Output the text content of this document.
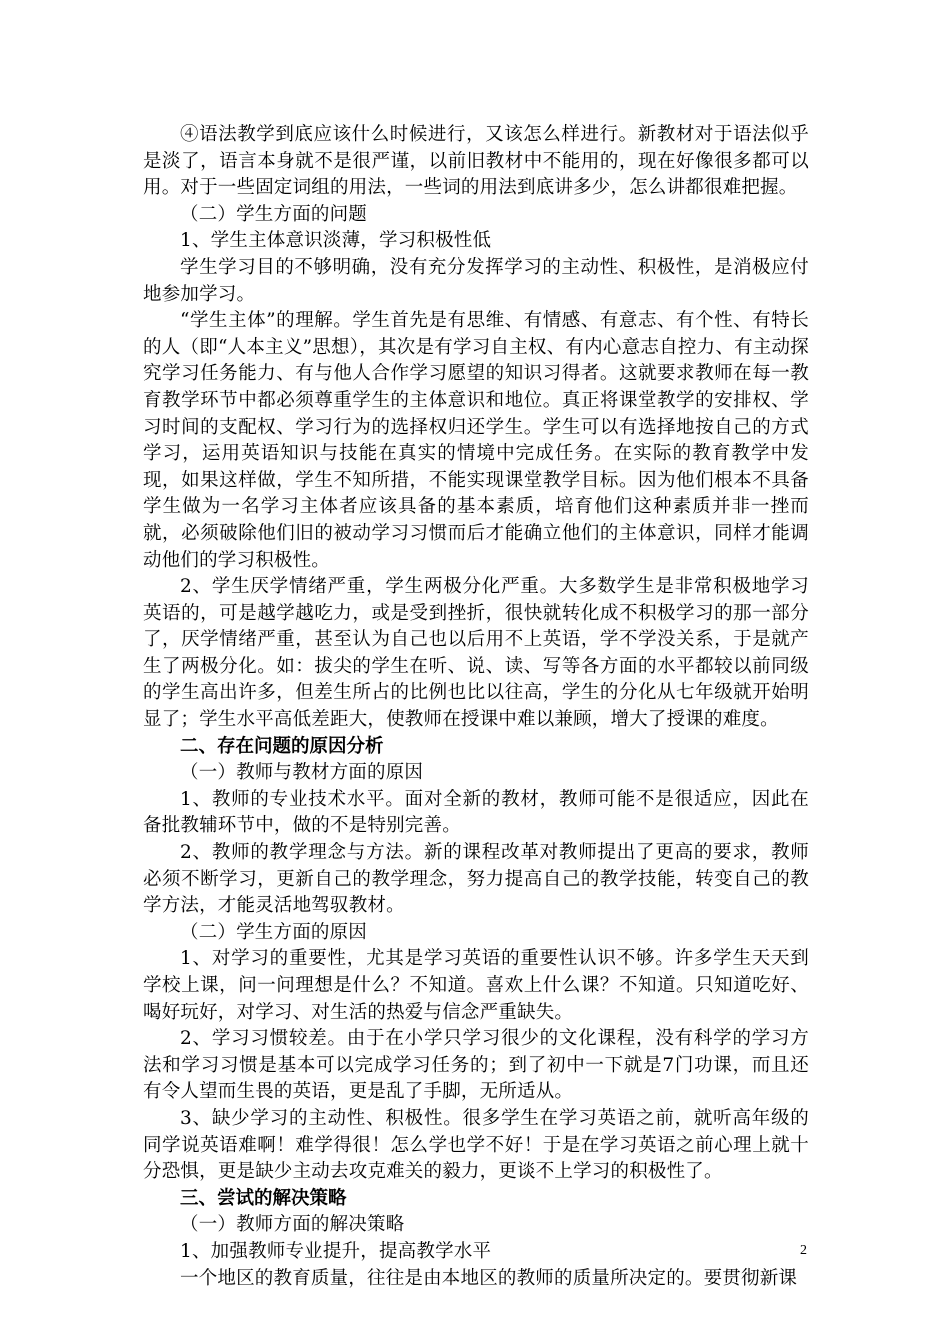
④语法教学到底应该什么时候进行，又该怎么样进行。新教材对于语法似乎是淡了，语言本身就不是很严谨，以前旧教材中不能用的，现在好像很多都可以用。对于一些固定词组的用法，一些词的用法到底讲多少，怎么讲都很难把握。

（二）学生方面的问题

1、学生主体意识淡薄，学习积极性低

学生学习目的不够明确，没有充分发挥学习的主动性、积极性，是消极应付地参加学习。

“学生主体”的理解。学生首先是有思维、有情感、有意志、有个性、有特长的人（即“人本主义”思想），其次是有学习自主权、有内心意志自控力、有主动探究学习任务能力、有与他人合作学习愿望的知识习得者。这就要求教师在每一教育教学环节中都必须尊重学生的主体意识和地位。真正将课堂教学的安排权、学习时间的支配权、学习行为的选择权归还学生。学生可以有选择地按自己的方式学习，运用英语知识与技能在真实的情境中完成任务。在实际的教育教学中发现，如果这样做，学生不知所措，不能实现课堂教学目标。因为他们根本不具备学生做为一名学习主体者应该具备的基本素质，培育他们这种素质并非一挫而就，必须破除他们旧的被动学习习惯而后才能确立他们的主体意识，同样才能调动他们的学习积极性。

2、学生厌学情绪严重，学生两极分化严重。大多数学生是非常积极地学习英语的，可是越学越吃力，或是受到挫折，很快就转化成不积极学习的那一部分了，厌学情绪严重，甚至认为自己也以后用不上英语，学不学没关系，于是就产生了两极分化。如：拔尖的学生在听、说、读、写等各方面的水平都较以前同级的学生高出许多，但差生所占的比例也比以往高，学生的分化从七年级就开始明显了；学生水平高低差距大，使教师在授课中难以兼顾，增大了授课的难度。

二、存在问题的原因分析

（一）教师与教材方面的原因

1、教师的专业技术水平。面对全新的教材，教师可能不是很适应，因此在备批教辅环节中，做的不是特别完善。

2、教师的教学理念与方法。新的课程改革对教师提出了更高的要求，教师必须不断学习，更新自己的教学理念，努力提高自己的教学技能，转变自己的教学方法，才能灵活地驾驭教材。

（二）学生方面的原因

1、对学习的重要性，尤其是学习英语的重要性认识不够。许多学生天天到学校上课，问一问理想是什么？不知道。喜欢上什么课？不知道。只知道吃好、喝好玩好，对学习、对生活的热爱与信念严重缺失。

2、学习习惯较差。由于在小学只学习很少的文化课程，没有科学的学习方法和学习习惯是基本可以完成学习任务的；到了初中一下就是7门功课，而且还有令人望而生畏的英语，更是乱了手脚，无所适从。

3、缺少学习的主动性、积极性。很多学生在学习英语之前，就听高年级的同学说英语难啊！难学得很！怎么学也学不好！于是在学习英语之前心理上就十分恐惧，更是缺少主动去攻克难关的毅力，更谈不上学习的积极性了。

三、尝试的解决策略

（一）教师方面的解决策略

1、加强教师专业提升，提高教学水平

一个地区的教育质量，往往是由本地区的教师的质量所决定的。要贯彻新课

2
